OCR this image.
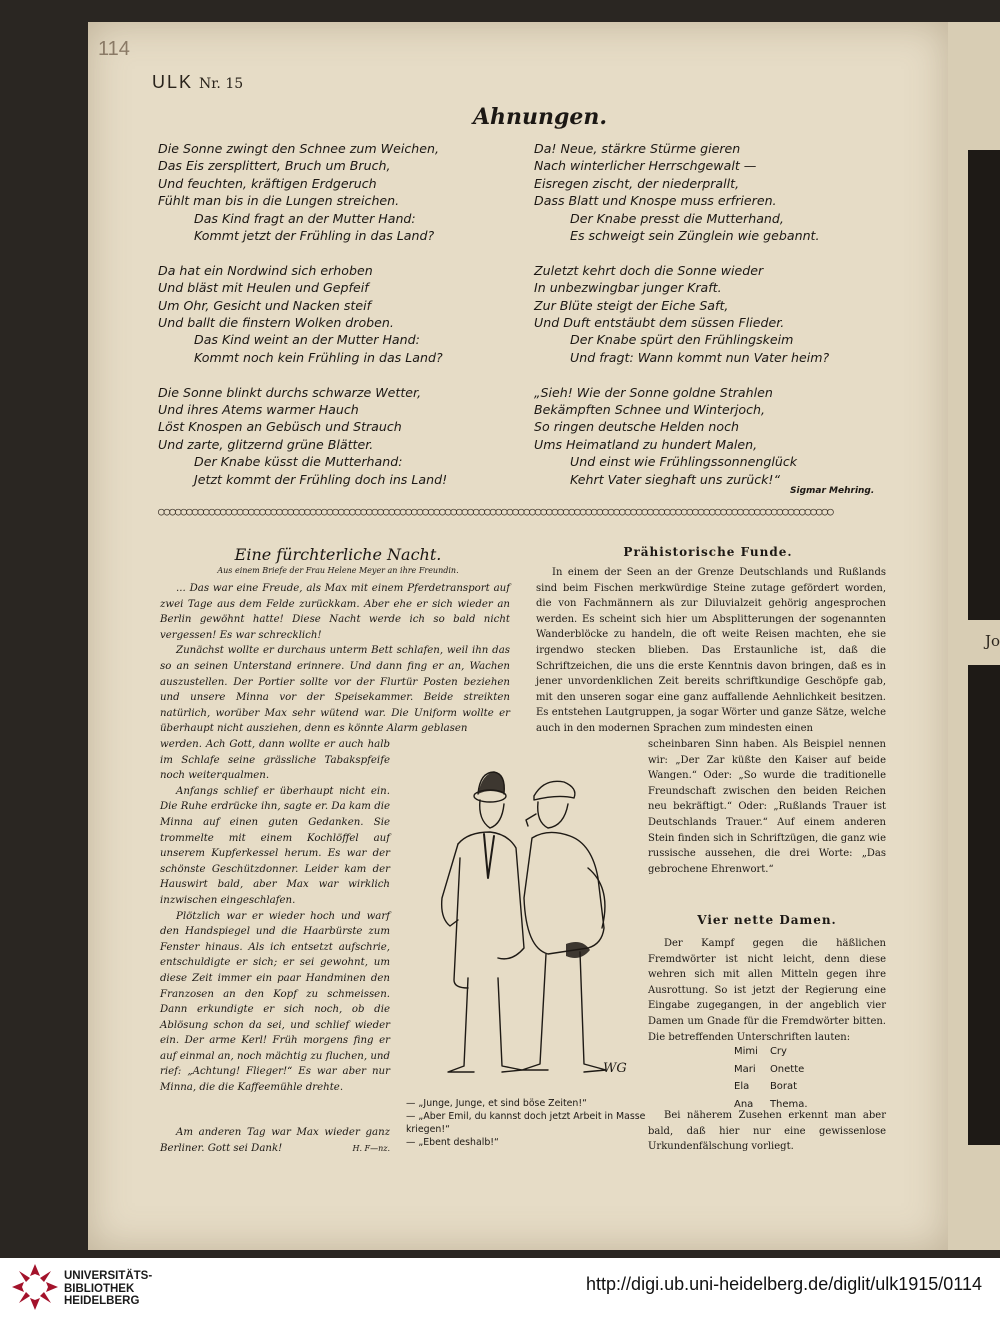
Jo
114
ULK Nr. 15
Ahnungen.
Die Sonne zwingt den Schnee zum Weichen,
Das Eis zersplittert, Bruch um Bruch,
Und feuchten, kräftigen Erdgeruch
Fühlt man bis in die Lungen streichen.
Das Kind fragt an der Mutter Hand:
Kommt jetzt der Frühling in das Land?
Da hat ein Nordwind sich erhoben
Und bläst mit Heulen und Gepfeif
Um Ohr, Gesicht und Nacken steif
Und ballt die finstern Wolken droben.
Das Kind weint an der Mutter Hand:
Kommt noch kein Frühling in das Land?
Die Sonne blinkt durchs schwarze Wetter,
Und ihres Atems warmer Hauch
Löst Knospen an Gebüsch und Strauch
Und zarte, glitzernd grüne Blätter.
Der Knabe küsst die Mutterhand:
Jetzt kommt der Frühling doch ins Land!
Da! Neue, stärkre Stürme gieren
Nach winterlicher Herrschgewalt —
Eisregen zischt, der niederprallt,
Dass Blatt und Knospe muss erfrieren.
Der Knabe presst die Mutterhand,
Es schweigt sein Zünglein wie gebannt.
Zuletzt kehrt doch die Sonne wieder
In unbezwingbar junger Kraft.
Zur Blüte steigt der Eiche Saft,
Und Duft entstäubt dem süssen Flieder.
Der Knabe spürt den Frühlingskeim
Und fragt: Wann kommt nun Vater heim?
„Sieh! Wie der Sonne goldne Strahlen
Bekämpften Schnee und Winterjoch,
So ringen deutsche Helden noch
Ums Heimatland zu hundert Malen,
Und einst wie Frühlingssonnenglück
Kehrt Vater sieghaft uns zurück!“
Sigmar Mehring.
○○○○○○○○○○○○○○○○○○○○○○○○○○○○○○○○○○○○○○○○○○○○○○○○○○○○○○○○○○○○○○○○○○○○○○○○○○○○○○○○○○○○○○○○○○○○○○○○○○○○○○○○○○○○○○○○○○○○○○○○
Eine fürchterliche Nacht.
Aus einem Briefe der Frau Helene Meyer an ihre Freundin.

... Das war eine Freude, als Max mit einem Pferdetransport auf zwei Tage aus dem Felde zurückkam. Aber ehe er sich wieder an Berlin gewöhnt hatte! Diese Nacht werde ich so bald nicht vergessen! Es war schrecklich!

Zunächst wollte er durchaus unterm Bett schlafen, weil ihn das so an seinen Unterstand erinnere. Und dann fing er an, Wachen auszustellen. Der Portier sollte vor der Flurtür Posten beziehen und unsere Minna vor der Speisekammer. Beide streikten natürlich, worüber Max sehr wütend war. Die Uniform wollte er überhaupt nicht ausziehen, denn es könnte Alarm geblasen

werden. Ach Gott, dann wollte er auch halb im Schlafe seine grässliche Tabakspfeife noch weiterqualmen.

Anfangs schlief er überhaupt nicht ein. Die Ruhe erdrücke ihn, sagte er. Da kam die Minna auf einen guten Gedanken. Sie trommelte mit einem Kochlöffel auf unserem Kupferkessel herum. Es war der schönste Geschützdonner. Leider kam der Hauswirt bald, aber Max war wirklich inzwischen eingeschlafen.

Plötzlich war er wieder hoch und warf den Handspiegel und die Haarbürste zum Fenster hinaus. Als ich entsetzt aufschrie, entschuldigte er sich; er sei gewohnt, um diese Zeit immer ein paar Handminen den Franzosen an den Kopf zu schmeissen. Dann erkundigte er sich noch, ob die Ablösung schon da sei, und schlief wieder ein. Der arme Kerl! Früh morgens fing er auf einmal an, noch mächtig zu fluchen, und rief: „Achtung! Flieger!“ Es war aber nur Minna, die die Kaffeemühle drehte.

Am anderen Tag war Max wieder ganz Berliner. Gott sei Dank!	H. F—nz.

WG
— „Junge, Junge, et sind böse Zeiten!“
— „Aber Emil, du kannst doch jetzt Arbeit in Masse kriegen!“
— „Ebent deshalb!“
Prähistorische Funde.

In einem der Seen an der Grenze Deutschlands und Rußlands sind beim Fischen merkwürdige Steine zutage gefördert worden, die von Fachmännern als zur Diluvialzeit gehörig angesprochen werden. Es scheint sich hier um Absplitterungen der sogenannten Wanderblöcke zu handeln, die oft weite Reisen machten, ehe sie irgendwo stecken blieben. Das Erstaunliche ist, daß die Schriftzeichen, die uns die erste Kenntnis davon bringen, daß es in jener unvordenklichen Zeit bereits schriftkundige Geschöpfe gab, mit den unseren sogar eine ganz auffallende Aehnlichkeit besitzen. Es entstehen Lautgruppen, ja sogar Wörter und ganze Sätze, welche auch in den modernen Sprachen zum mindesten einen

scheinbaren Sinn haben. Als Beispiel nennen wir: „Der Zar küßte den Kaiser auf beide Wangen.“ Oder: „So wurde die traditionelle Freundschaft zwischen den beiden Reichen neu bekräftigt.“ Oder: „Rußlands Trauer ist Deutschlands Trauer.“ Auf einem anderen Stein finden sich in Schriftzügen, die ganz wie russische aussehen, die drei Worte: „Das gebrochene Ehrenwort.“

Vier nette Damen.

Der Kampf gegen die häßlichen Fremdwörter ist nicht leicht, denn diese wehren sich mit allen Mitteln gegen ihre Ausrottung. So ist jetzt der Regierung eine Eingabe zugegangen, in der angeblich vier Damen um Gnade für die Fremdwörter bitten. Die betreffenden Unterschriften lauten:

Mimi	Cry
Mari	Onette
Ela	Borat
Ana	Thema.

Bei näherem Zusehen erkennt man aber bald, daß hier nur eine gewissenlose Urkundenfälschung vorliegt.

UNIVERSITÄTS-
BIBLIOTHEK
HEIDELBERG
http://digi.ub.uni-heidelberg.de/diglit/ulk1915/0114
